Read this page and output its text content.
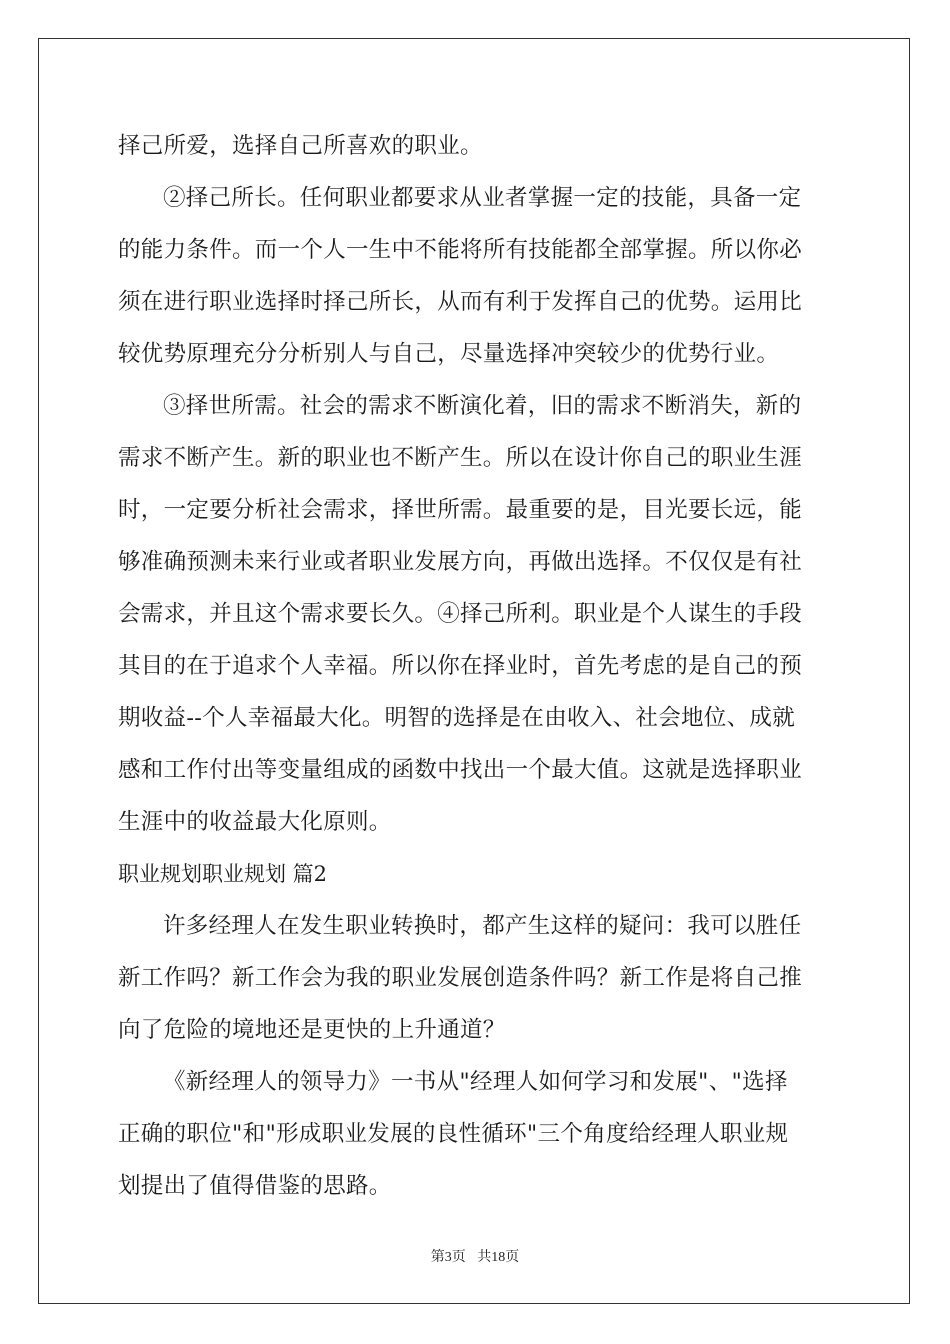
择己所爱，选择自己所喜欢的职业。
②择己所长。任何职业都要求从业者掌握一定的技能，具备一定
的能力条件。而一个人一生中不能将所有技能都全部掌握。所以你必
须在进行职业选择时择己所长，从而有利于发挥自己的优势。运用比
较优势原理充分分析别人与自己，尽量选择冲突较少的优势行业。
③择世所需。社会的需求不断演化着，旧的需求不断消失，新的
需求不断产生。新的职业也不断产生。所以在设计你自己的职业生涯
时，一定要分析社会需求，择世所需。最重要的是，目光要长远，能
够准确预测未来行业或者职业发展方向，再做出选择。不仅仅是有社
会需求，并且这个需求要长久。④择己所利。职业是个人谋生的手段
其目的在于追求个人幸福。所以你在择业时，首先考虑的是自己的预
期收益--个人幸福最大化。明智的选择是在由收入、社会地位、成就
感和工作付出等变量组成的函数中找出一个最大值。这就是选择职业
生涯中的收益最大化原则。
职业规划职业规划 篇2
许多经理人在发生职业转换时，都产生这样的疑问：我可以胜任
新工作吗？新工作会为我的职业发展创造条件吗？新工作是将自己推
向了危险的境地还是更快的上升通道？
《新经理人的领导力》一书从"经理人如何学习和发展"、"选择
正确的职位"和"形成职业发展的良性循环"三个角度给经理人职业规
划提出了值得借鉴的思路。
第3页 共18页
